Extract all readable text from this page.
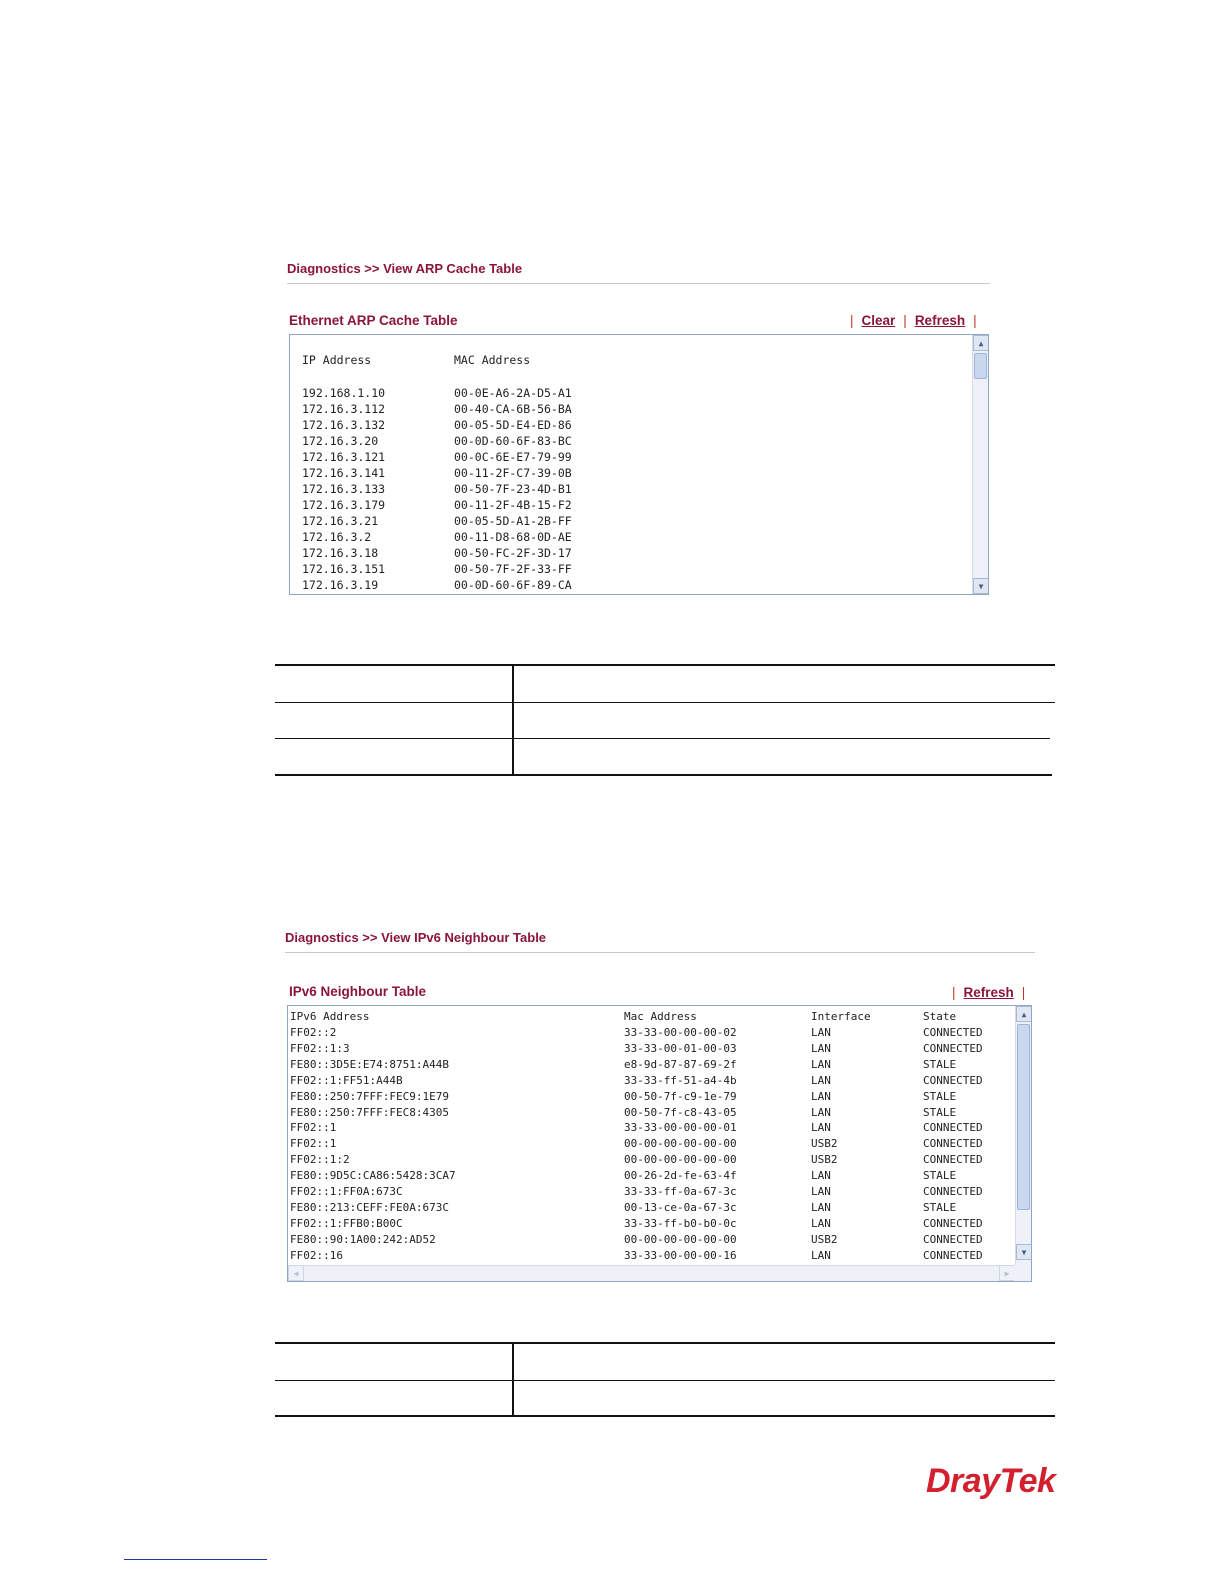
Diagnostics >> View ARP Cache Table
Ethernet ARP Cache Table	| Clear | Refresh |
IP Address	MAC Address
192.168.1.10	00-0E-A6-2A-D5-A1
172.16.3.112	00-40-CA-6B-56-BA
172.16.3.132	00-05-5D-E4-ED-86
172.16.3.20	00-0D-60-6F-83-BC
172.16.3.121	00-0C-6E-E7-79-99
172.16.3.141	00-11-2F-C7-39-0B
172.16.3.133	00-50-7F-23-4D-B1
172.16.3.179	00-11-2F-4B-15-F2
172.16.3.21	00-05-5D-A1-2B-FF
172.16.3.2	00-11-D8-68-0D-AE
172.16.3.18	00-50-FC-2F-3D-17
172.16.3.151	00-50-7F-2F-33-FF
172.16.3.19	00-0D-60-6F-89-CA
▲
▼
Diagnostics >> View IPv6 Neighbour Table
IPv6 Neighbour Table	| Refresh |
IPv6 Address	Mac Address	Interface	State
FF02::2	33-33-00-00-00-02	LAN	CONNECTED
FF02::1:3	33-33-00-01-00-03	LAN	CONNECTED
FE80::3D5E:E74:8751:A44B	e8-9d-87-87-69-2f	LAN	STALE
FF02::1:FF51:A44B	33-33-ff-51-a4-4b	LAN	CONNECTED
FE80::250:7FFF:FEC9:1E79	00-50-7f-c9-1e-79	LAN	STALE
FE80::250:7FFF:FEC8:4305	00-50-7f-c8-43-05	LAN	STALE
FF02::1	33-33-00-00-00-01	LAN	CONNECTED
FF02::1	00-00-00-00-00-00	USB2	CONNECTED
FF02::1:2	00-00-00-00-00-00	USB2	CONNECTED
FE80::9D5C:CA86:5428:3CA7	00-26-2d-fe-63-4f	LAN	STALE
FF02::1:FF0A:673C	33-33-ff-0a-67-3c	LAN	CONNECTED
FE80::213:CEFF:FE0A:673C	00-13-ce-0a-67-3c	LAN	STALE
FF02::1:FFB0:B00C	33-33-ff-b0-b0-0c	LAN	CONNECTED
FE80::90:1A00:242:AD52	00-00-00-00-00-00	USB2	CONNECTED
FF02::16	33-33-00-00-00-16	LAN	CONNECTED
▲
▼
◀	▶
DrayTek
